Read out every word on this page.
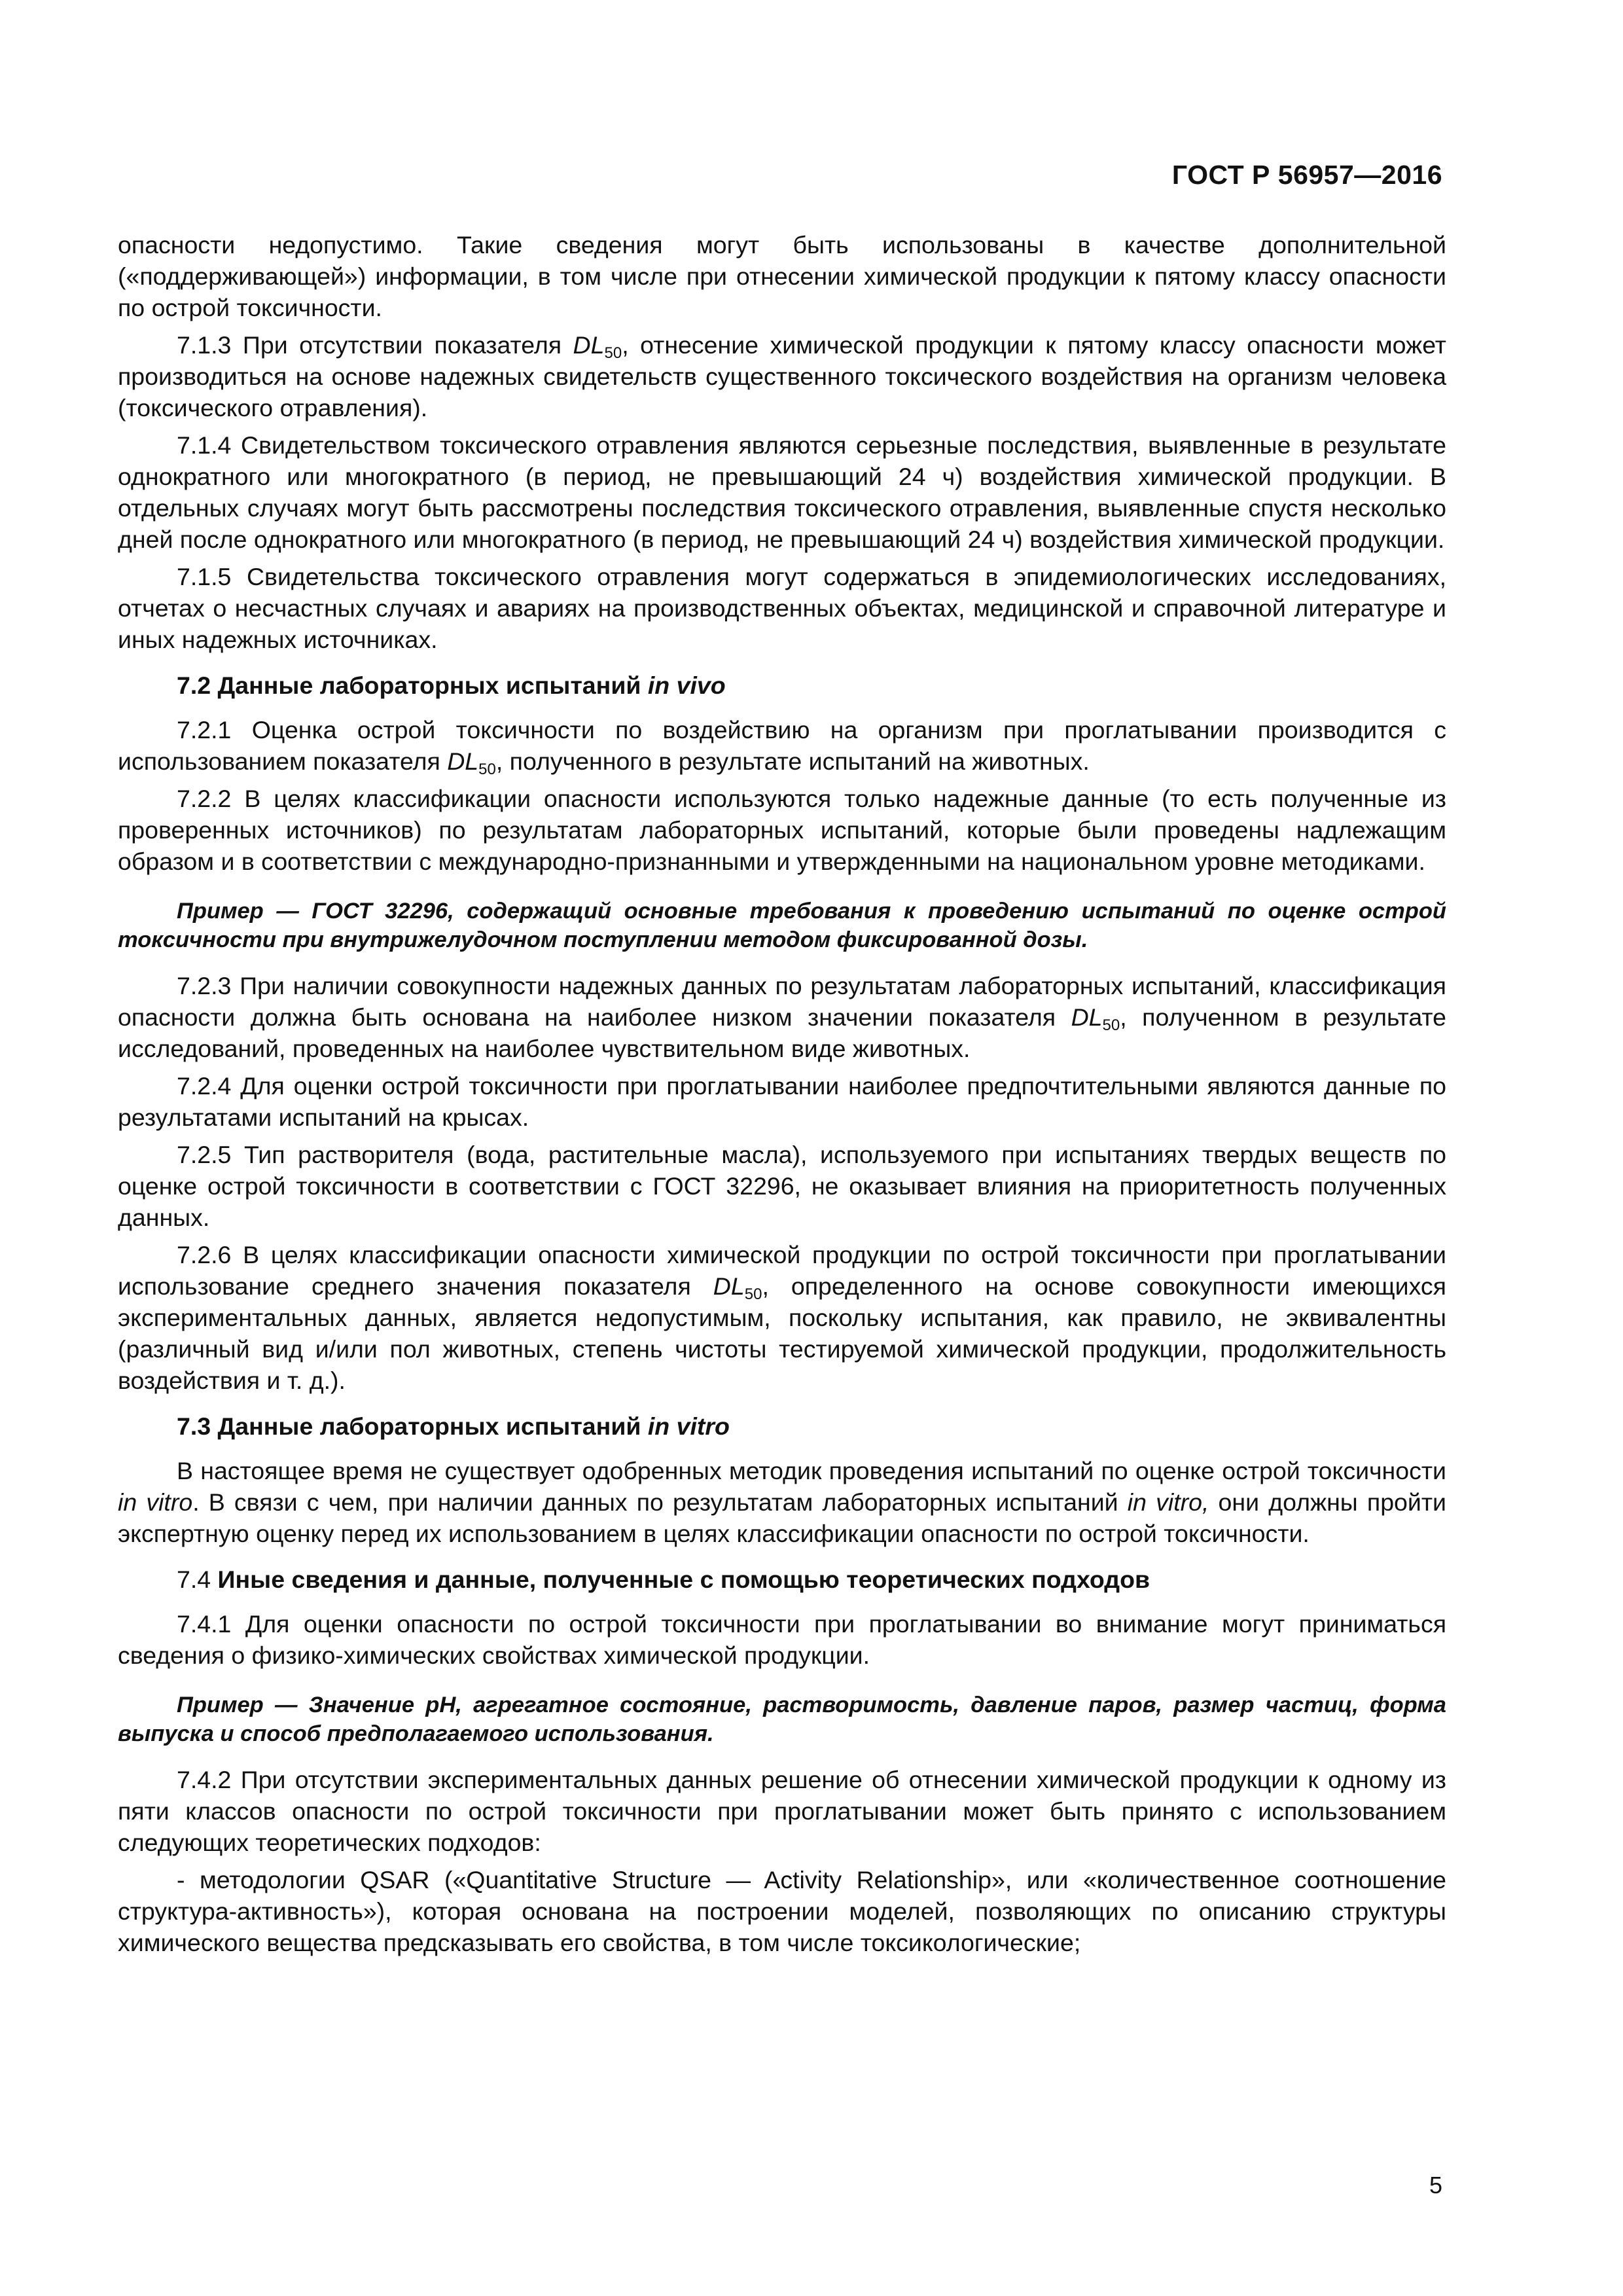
ГОСТ Р 56957—2016

опасности недопустимо. Такие сведения могут быть использованы в качестве дополнительной («поддерживающей») информации, в том числе при отнесении химической продукции к пятому классу опасности по острой токсичности.

7.1.3 При отсутствии показателя $DL_{50}$, отнесение химической продукции к пятому классу опасности может производиться на основе надежных свидетельств существенного токсического воздействия на организм человека (токсического отравления).

7.1.4 Свидетельством токсического отравления являются серьезные последствия, выявленные в результате однократного или многократного (в период, не превышающий 24 ч) воздействия химической продукции. В отдельных случаях могут быть рассмотрены последствия токсического отравления, выявленные спустя несколько дней после однократного или многократного (в период, не превышающий 24 ч) воздействия химической продукции.

7.1.5 Свидетельства токсического отравления могут содержаться в эпидемиологических исследованиях, отчетах о несчастных случаях и авариях на производственных объектах, медицинской и справочной литературе и иных надежных источниках.

7.2 Данные лабораторных испытаний in vivo

7.2.1 Оценка острой токсичности по воздействию на организм при проглатывании производится с использованием показателя $DL_{50}$, полученного в результате испытаний на животных.

7.2.2 В целях классификации опасности используются только надежные данные (то есть полученные из проверенных источников) по результатам лабораторных испытаний, которые были проведены надлежащим образом и в соответствии с международно-признанными и утвержденными на национальном уровне методиками.

Пример — ГОСТ 32296, содержащий основные требования к проведению испытаний по оценке острой токсичности при внутрижелудочном поступлении методом фиксированной дозы.

7.2.3 При наличии совокупности надежных данных по результатам лабораторных испытаний, классификация опасности должна быть основана на наиболее низком значении показателя $DL_{50}$, полученном в результате исследований, проведенных на наиболее чувствительном виде животных.

7.2.4 Для оценки острой токсичности при проглатывании наиболее предпочтительными являются данные по результатами испытаний на крысах.

7.2.5 Тип растворителя (вода, растительные масла), используемого при испытаниях твердых веществ по оценке острой токсичности в соответствии с ГОСТ 32296, не оказывает влияния на приоритетность полученных данных.

7.2.6 В целях классификации опасности химической продукции по острой токсичности при проглатывании использование среднего значения показателя $DL_{50}$, определенного на основе совокупности имеющихся экспериментальных данных, является недопустимым, поскольку испытания, как правило, не эквивалентны (различный вид и/или пол животных, степень чистоты тестируемой химической продукции, продолжительность воздействия и т. д.).

7.3 Данные лабораторных испытаний in vitro

В настоящее время не существует одобренных методик проведения испытаний по оценке острой токсичности in vitro. В связи с чем, при наличии данных по результатам лабораторных испытаний in vitro, они должны пройти экспертную оценку перед их использованием в целях классификации опасности по острой токсичности.

7.4 Иные сведения и данные, полученные с помощью теоретических подходов

7.4.1 Для оценки опасности по острой токсичности при проглатывании во внимание могут приниматься сведения о физико-химических свойствах химической продукции.

Пример — Значение рН, агрегатное состояние, растворимость, давление паров, размер частиц, форма выпуска и способ предполагаемого использования.

7.4.2 При отсутствии экспериментальных данных решение об отнесении химической продукции к одному из пяти классов опасности по острой токсичности при проглатывании может быть принято с использованием следующих теоретических подходов:

- методологии QSAR («Quantitative Structure — Activity Relationship», или «количественное соотношение структура-активность»), которая основана на построении моделей, позволяющих по описанию структуры химического вещества предсказывать его свойства, в том числе токсикологические;

5
